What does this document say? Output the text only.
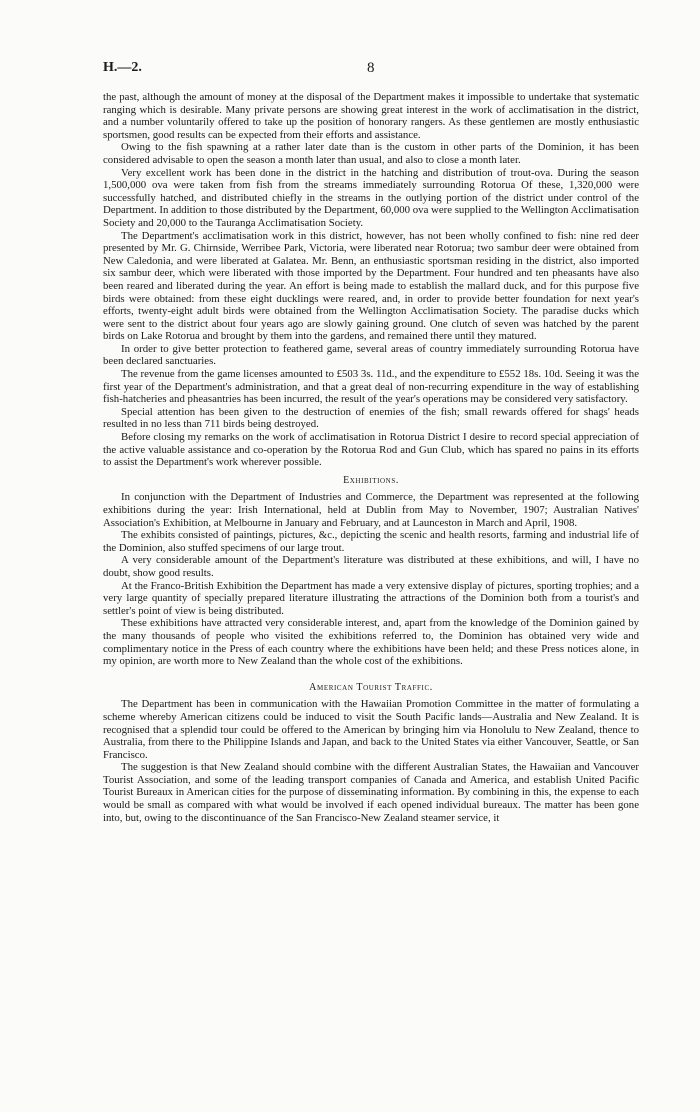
H.—2.	8

the past, although the amount of money at the disposal of the Department makes it impossible to undertake that systematic ranging which is desirable. Many private persons are showing great interest in the work of acclimatisation in the district, and a number voluntarily offered to take up the position of honorary rangers. As these gentlemen are mostly enthusiastic sportsmen, good results can be expected from their efforts and assistance.

Owing to the fish spawning at a rather later date than is the custom in other parts of the Dominion, it has been considered advisable to open the season a month later than usual, and also to close a month later.

Very excellent work has been done in the district in the hatching and distribution of trout-ova. During the season 1,500,000 ova were taken from fish from the streams immediately surrounding Rotorua Of these, 1,320,000 were successfully hatched, and distributed chiefly in the streams in the outlying portion of the district under control of the Department. In addition to those distributed by the Department, 60,000 ova were supplied to the Wellington Acclimatisation Society and 20,000 to the Tauranga Acclimatisation Society.

The Department's acclimatisation work in this district, however, has not been wholly confined to fish: nine red deer presented by Mr. G. Chirnside, Werribee Park, Victoria, were liberated near Rotorua; two sambur deer were obtained from New Caledonia, and were liberated at Galatea. Mr. Benn, an enthusiastic sportsman residing in the district, also imported six sambur deer, which were liberated with those imported by the Department. Four hundred and ten pheasants have also been reared and liberated during the year. An effort is being made to establish the mallard duck, and for this purpose five birds were obtained: from these eight ducklings were reared, and, in order to provide better foundation for next year's efforts, twenty-eight adult birds were obtained from the Wellington Acclimatisation Society. The paradise ducks which were sent to the district about four years ago are slowly gaining ground. One clutch of seven was hatched by the parent birds on Lake Rotorua and brought by them into the gardens, and remained there until they matured.

In order to give better protection to feathered game, several areas of country immediately surrounding Rotorua have been declared sanctuaries.

The revenue from the game licenses amounted to £503 3s. 11d., and the expenditure to £552 18s. 10d. Seeing it was the first year of the Department's administration, and that a great deal of non-recurring expenditure in the way of establishing fish-hatcheries and pheasantries has been incurred, the result of the year's operations may be considered very satisfactory.

Special attention has been given to the destruction of enemies of the fish; small rewards offered for shags' heads resulted in no less than 711 birds being destroyed.

Before closing my remarks on the work of acclimatisation in Rotorua District I desire to record special appreciation of the active valuable assistance and co-operation by the Rotorua Rod and Gun Club, which has spared no pains in its efforts to assist the Department's work wherever possible.

Exhibitions.

In conjunction with the Department of Industries and Commerce, the Department was represented at the following exhibitions during the year: Irish International, held at Dublin from May to November, 1907; Australian Natives' Association's Exhibition, at Melbourne in January and February, and at Launceston in March and April, 1908.

The exhibits consisted of paintings, pictures, &c., depicting the scenic and health resorts, farming and industrial life of the Dominion, also stuffed specimens of our large trout.

A very considerable amount of the Department's literature was distributed at these exhibitions, and will, I have no doubt, show good results.

At the Franco-British Exhibition the Department has made a very extensive display of pictures, sporting trophies; and a very large quantity of specially prepared literature illustrating the attractions of the Dominion both from a tourist's and settler's point of view is being distributed.

These exhibitions have attracted very considerable interest, and, apart from the knowledge of the Dominion gained by the many thousands of people who visited the exhibitions referred to, the Dominion has obtained very wide and complimentary notice in the Press of each country where the exhibitions have been held; and these Press notices alone, in my opinion, are worth more to New Zealand than the whole cost of the exhibitions.

American Tourist Traffic.

The Department has been in communication with the Hawaiian Promotion Committee in the matter of formulating a scheme whereby American citizens could be induced to visit the South Pacific lands—Australia and New Zealand. It is recognised that a splendid tour could be offered to the American by bringing him via Honolulu to New Zealand, thence to Australia, from there to the Philippine Islands and Japan, and back to the United States via either Vancouver, Seattle, or San Francisco.

The suggestion is that New Zealand should combine with the different Australian States, the Hawaiian and Vancouver Tourist Association, and some of the leading transport companies of Canada and America, and establish United Pacific Tourist Bureaux in American cities for the purpose of disseminating information. By combining in this, the expense to each would be small as compared with what would be involved if each opened individual bureaux. The matter has been gone into, but, owing to the discontinuance of the San Francisco-New Zealand steamer service, it
